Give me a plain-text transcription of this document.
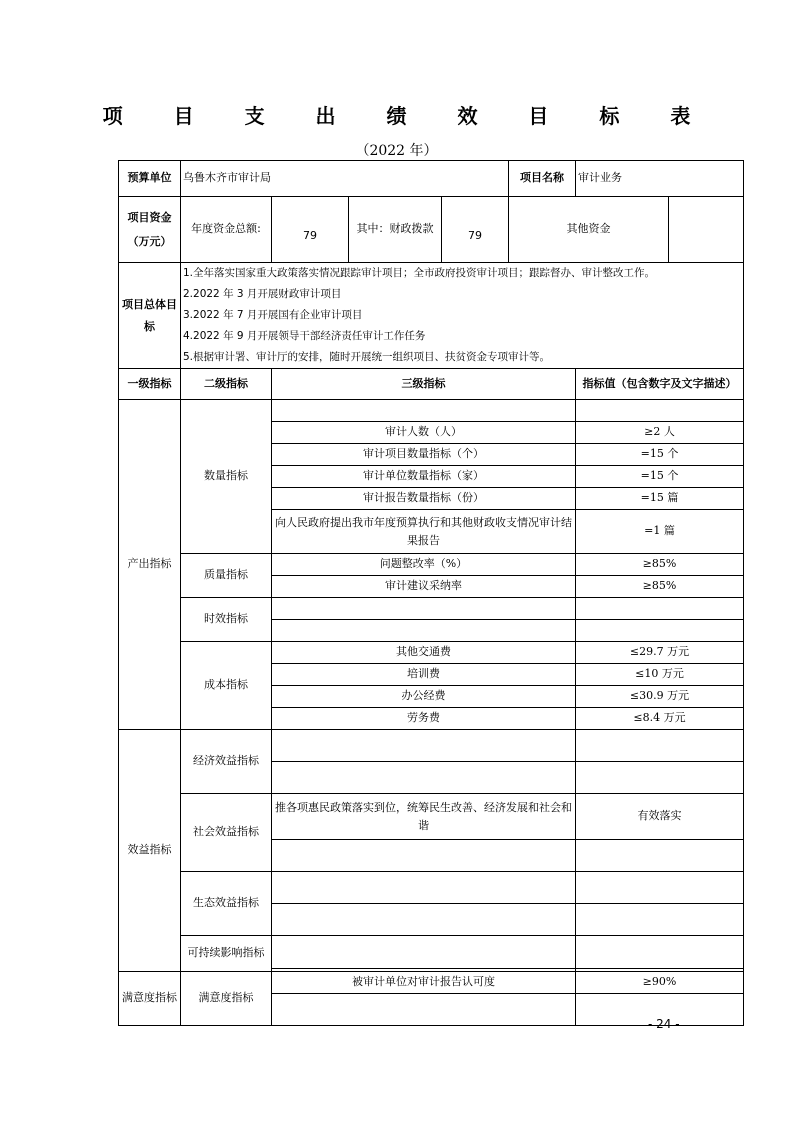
项 目 支 出 绩 效 目 标 表
（2022 年）
预算单位	乌鲁木齐市审计局				项目名称	审计业务	
项目资金（万元）	年度资金总额:	79	其中：财政拨款	79	其他资金		
项目总体目标	1.全年落实国家重大政策落实情况跟踪审计项目；全市政府投资审计项目；跟踪督办、审计整改工作。
2.2022 年 3 月开展财政审计项目
3.2022 年 7 月开展国有企业审计项目
4.2022 年 9 月开展领导干部经济责任审计工作任务
5.根据审计署、审计厅的安排，随时开展统一组织项目、扶贫资金专项审计等。						

一级指标	二级指标	三级指标				指标值（包含数字及文字描述）	
产出指标	数量指标						
		审计人数（人）				≥2 人	
		审计项目数量指标（个）				=15 个	
		审计单位数量指标（家）				=15 个	
		审计报告数量指标（份）				=15 篇	
		向人民政府提出我市年度预算执行和其他财政收支情况审计结果报告				=1 篇	
	质量指标	问题整改率（%）				≥85%	
		审计建议采纳率				≥85%	
	时效指标						

	成本指标	其他交通费				≤29.7 万元	
		培训费				≤10 万元	
		办公经费				≤30.9 万元	
		劳务费				≤8.4 万元	
效益指标	经济效益指标						

	社会效益指标	推各项惠民政策落实到位，统筹民生改善、经济发展和社会和谐				有效落实	

	生态效益指标						

	可持续影响指标						

满意度指标	满意度指标	被审计单位对审计报告认可度				≥90%	

- 24 -
